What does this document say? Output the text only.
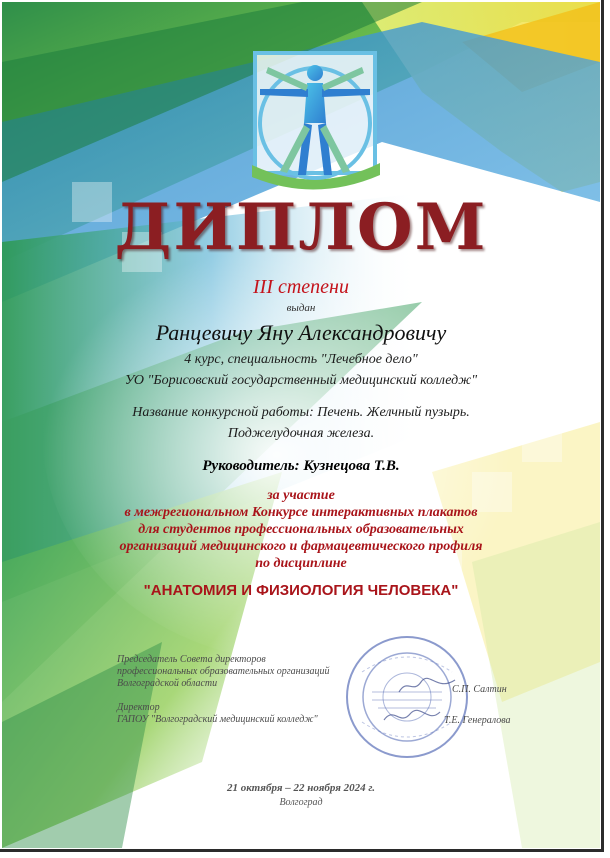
ДИПЛОМ
III степени
выдан
Ранцевичу Яну Александровичу
4 курс, специальность "Лечебное дело"
УО "Борисовский государственный медицинский колледж"
Название конкурсной работы: Печень. Желчный пузырь.
Поджелудочная железа.
Руководитель: Кузнецова Т.В.
за участие
в межрегиональном Конкурсе интерактивных плакатов
для студентов профессиональных образовательных
организаций медицинского и фармацевтического профиля
по дисциплине
"АНАТОМИЯ И ФИЗИОЛОГИЯ ЧЕЛОВЕКА"
Председатель Совета директоров
профессиональных образовательных организаций
Волгоградской области
С.П. Салтин
Директор
ГАПОУ "Волгоградский медицинский колледж"	Т.Е. Генералова
21 октября – 22 ноября 2024 г.
Волгоград
